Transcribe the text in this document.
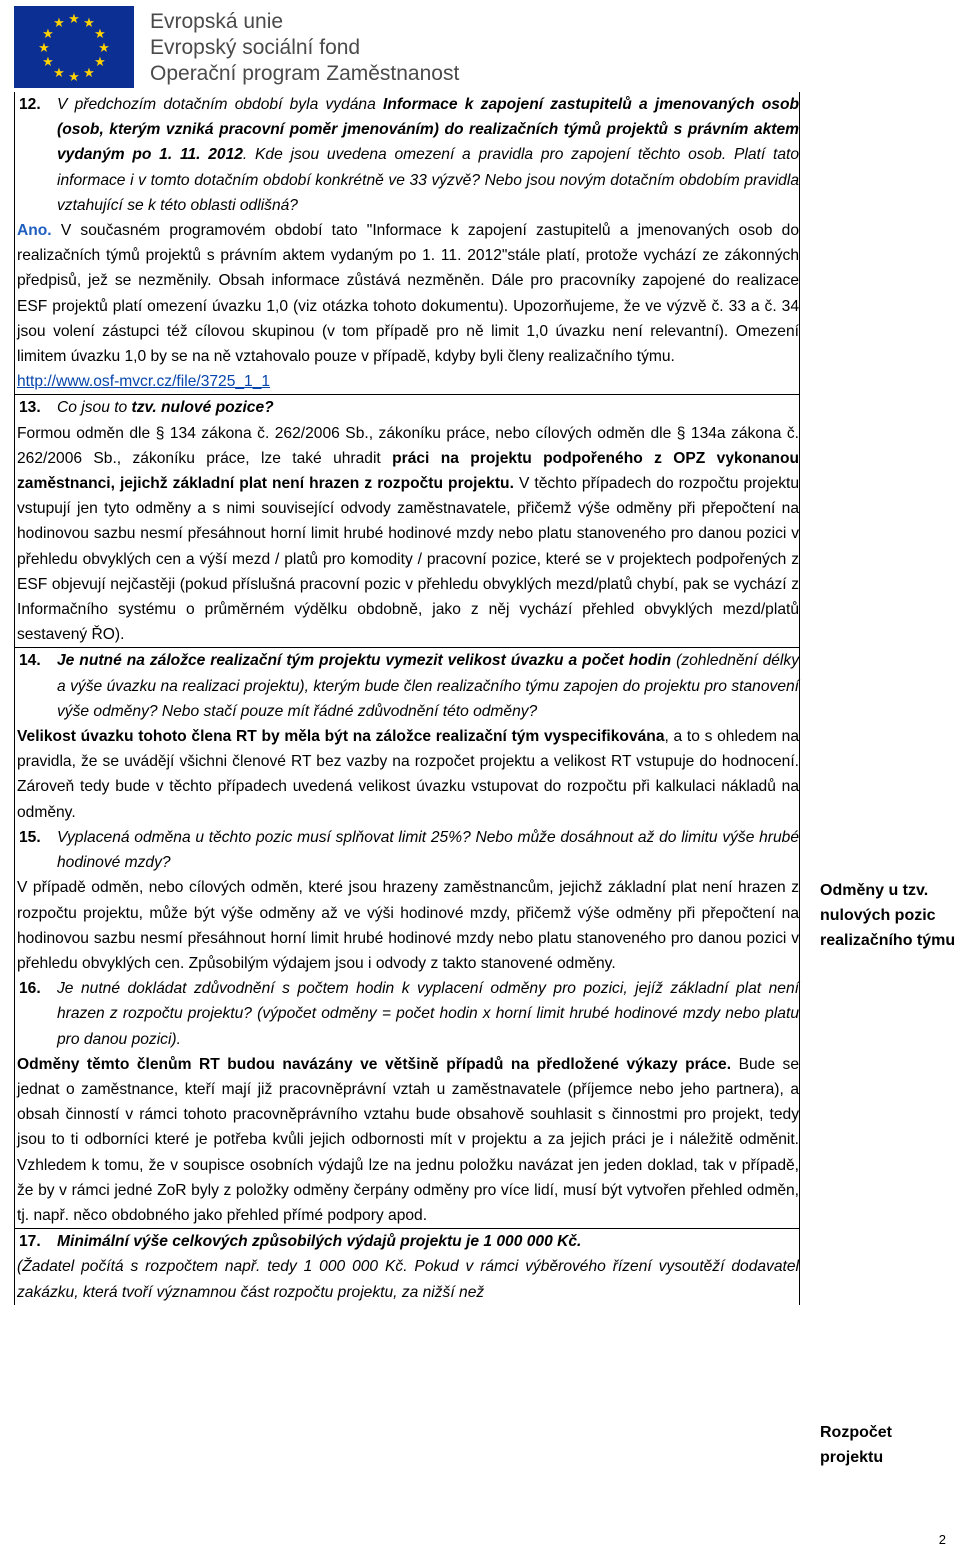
★ ★
★
★
★
★
★
★
★
★
★
★	Evropská unie
Evropský sociální fond
Operační program Zaměstnanost

12. V předchozím dotačním období byla vydána Informace k zapojení zastupitelů a jmenovaných osob (osob, kterým vzniká pracovní poměr jmenováním) do realizačních týmů projektů s právním aktem vydaným po 1. 11. 2012. Kde jsou uvedena omezení a pravidla pro zapojení těchto osob. Platí tato informace i v tomto dotačním období konkrétně ve 33 výzvě? Nebo jsou novým dotačním obdobím pravidla vztahující se k této oblasti odlišná?

Ano. V současném programovém období tato "Informace k zapojení zastupitelů a jmenovaných osob do realizačních týmů projektů s právním aktem vydaným po 1. 11. 2012"stále platí, protože vychází ze zákonných předpisů, jež se nezměnily. Obsah informace zůstává nezměněn. Dále pro pracovníky zapojené do realizace ESF projektů platí omezení úvazku 1,0 (viz otázka tohoto dokumentu). Upozorňujeme, že ve výzvě č. 33 a č. 34 jsou volení zástupci též cílovou skupinou (v tom případě pro ně limit 1,0 úvazku není relevantní). Omezení limitem úvazku 1,0 by se na ně vztahovalo pouze v případě, kdyby byli členy realizačního týmu.

http://www.osf-mvcr.cz/file/3725_1_1

13. Co jsou to tzv. nulové pozice?

Formou odměn dle § 134 zákona č. 262/2006 Sb., zákoníku práce, nebo cílových odměn dle § 134a zákona č. 262/2006 Sb., zákoníku práce, lze také uhradit práci na projektu podpořeného z OPZ vykonanou zaměstnanci, jejichž základní plat není hrazen z rozpočtu projektu. V těchto případech do rozpočtu projektu vstupují jen tyto odměny a s nimi související odvody zaměstnavatele, přičemž výše odměny při přepočtení na hodinovou sazbu nesmí přesáhnout horní limit hrubé hodinové mzdy nebo platu stanoveného pro danou pozici v přehledu obvyklých cen a výší mezd / platů pro komodity / pracovní pozice, které se v projektech podpořených z ESF objevují nejčastěji (pokud příslušná pracovní pozic v přehledu obvyklých mezd/platů chybí, pak se vychází z Informačního systému o průměrném výdělku obdobně, jako z něj vychází přehled obvyklých mezd/platů sestavený ŘO).

14. Je nutné na záložce realizační tým projektu vymezit velikost úvazku a počet hodin (zohlednění délky a výše úvazku na realizaci projektu), kterým bude člen realizačního týmu zapojen do projektu pro stanovení výše odměny? Nebo stačí pouze mít řádné zdůvodnění této odměny?

Velikost úvazku tohoto člena RT by měla být na záložce realizační tým vyspecifikována, a to s ohledem na pravidla, že se uvádějí všichni členové RT bez vazby na rozpočet projektu a velikost RT vstupuje do hodnocení. Zároveň tedy bude v těchto případech uvedená velikost úvazku vstupovat do rozpočtu při kalkulaci nákladů na odměny.

15. Vyplacená odměna u těchto pozic musí splňovat limit 25%? Nebo může dosáhnout až do limitu výše hrubé hodinové mzdy?

V případě odměn, nebo cílových odměn, které jsou hrazeny zaměstnancům, jejichž základní plat není hrazen z rozpočtu projektu, může být výše odměny až ve výši hodinové mzdy, přičemž výše odměny při přepočtení na hodinovou sazbu nesmí přesáhnout horní limit hrubé hodinové mzdy nebo platu stanoveného pro danou pozici v přehledu obvyklých cen. Způsobilým výdajem jsou i odvody z takto stanovené odměny.

16. Je nutné dokládat zdůvodnění s počtem hodin k vyplacení odměny pro pozici, jejíž základní plat není hrazen z rozpočtu projektu? (výpočet odměny = počet hodin x horní limit hrubé hodinové mzdy nebo platu pro danou pozici).

Odměny těmto členům RT budou navázány ve většině případů na předložené výkazy práce. Bude se jednat o zaměstnance, kteří mají již pracovněprávní vztah u zaměstnavatele (příjemce nebo jeho partnera), a obsah činností v rámci tohoto pracovněprávního vztahu bude obsahově souhlasit s činnostmi pro projekt, tedy jsou to ti odborníci které je potřeba kvůli jejich odbornosti mít v projektu a za jejich práci je i náležitě odměnit. Vzhledem k tomu, že v soupisce osobních výdajů lze na jednu položku navázat jen jeden doklad, tak v případě, že by v rámci jedné ZoR byly z položky odměny čerpány odměny pro více lidí, musí být vytvořen přehled odměn, tj. např. něco obdobného jako přehled přímé podpory apod.

17. Minimální výše celkových způsobilých výdajů projektu je 1 000 000 Kč.

(Žadatel počítá s rozpočtem např. tedy 1 000 000 Kč. Pokud v rámci výběrového řízení vysoutěží dodavatel zakázku, která tvoří významnou část rozpočtu projektu, za nižší než

Odměny u tzv. nulových pozic realizačního týmu
Rozpočet projektu
2
